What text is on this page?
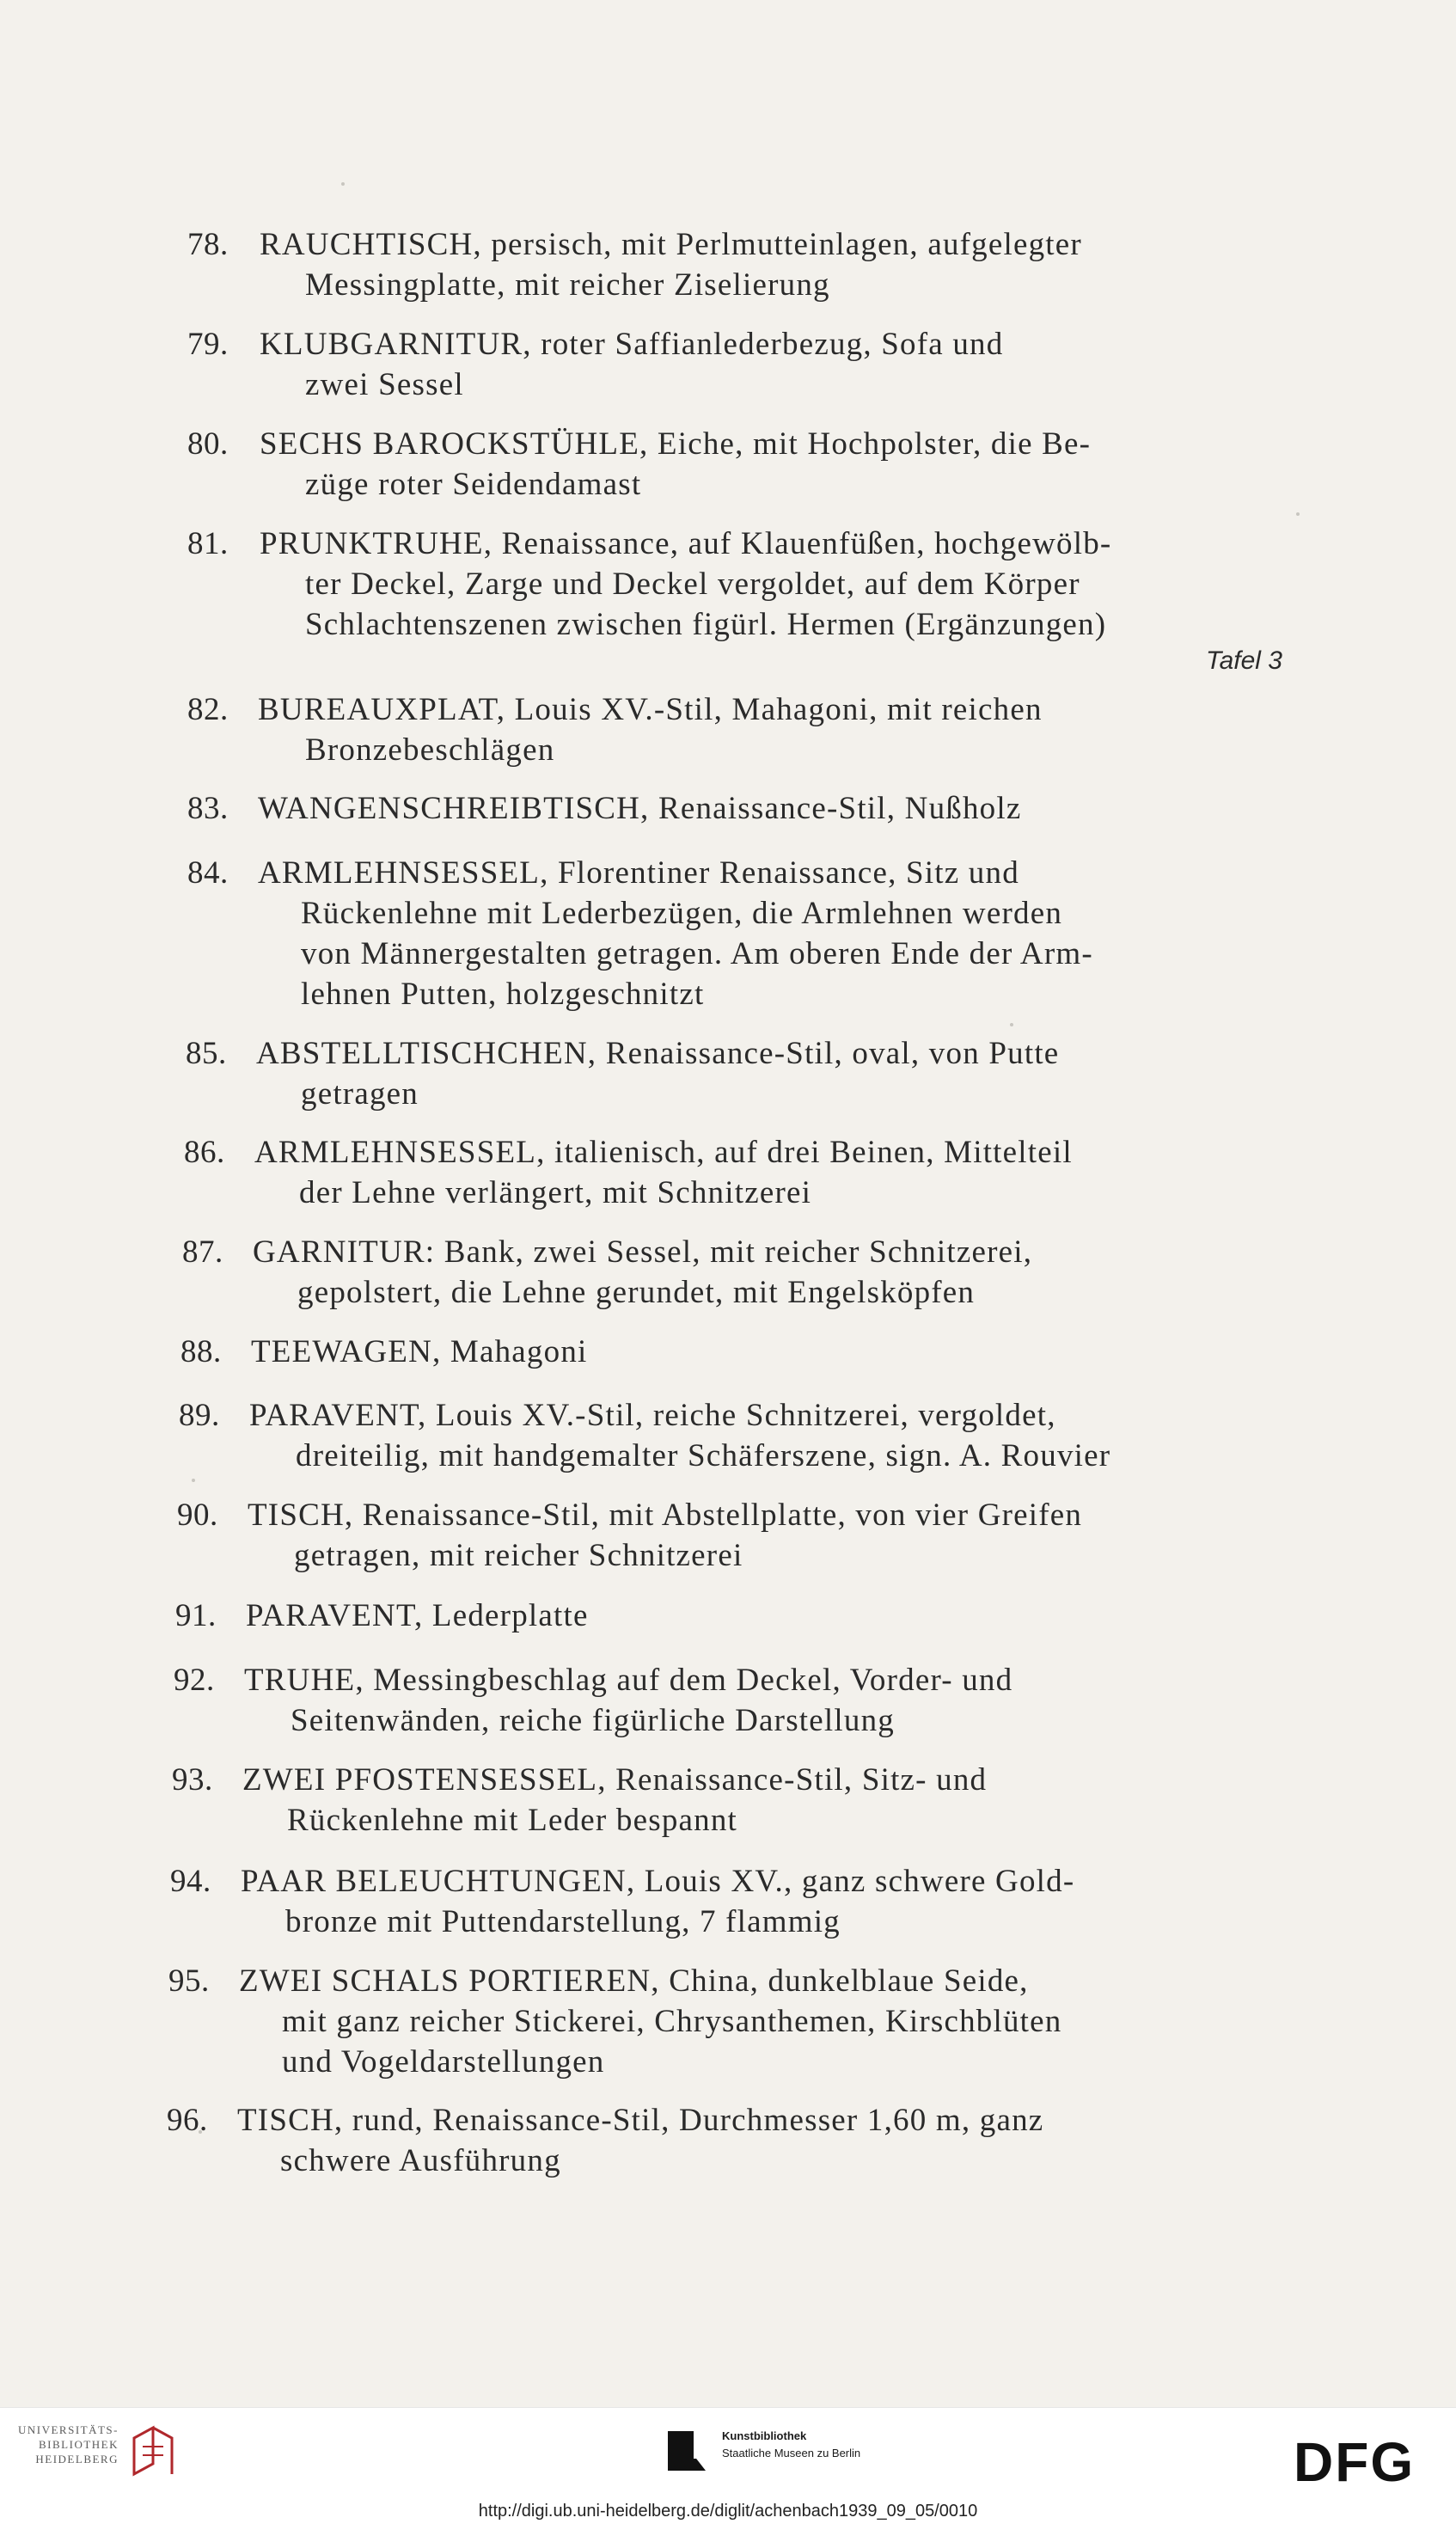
78. RAUCHTISCH, persisch, mit Perlmutteinlagen, aufgelegter
Messingplatte, mit reicher Ziselierung
79. KLUBGARNITUR, roter Saffianlederbezug, Sofa und
zwei Sessel
80. SECHS BAROCKSTÜHLE, Eiche, mit Hochpolster, die Be-
züge roter Seidendamast
81. PRUNKTRUHE, Renaissance, auf Klauenfüßen, hochgewölb-
ter Deckel, Zarge und Deckel vergoldet, auf dem Körper
Schlachtenszenen zwischen figürl. Hermen (Ergänzungen)
Tafel 3
82. BUREAUXPLAT, Louis XV.-Stil, Mahagoni, mit reichen
Bronzebeschlägen
83. WANGENSCHREIBTISCH, Renaissance-Stil, Nußholz
84. ARMLEHNSESSEL, Florentiner Renaissance, Sitz und
Rückenlehne mit Lederbezügen, die Armlehnen werden
von Männergestalten getragen. Am oberen Ende der Arm-
lehnen Putten, holzgeschnitzt
85. ABSTELLTISCHCHEN, Renaissance-Stil, oval, von Putte
getragen
86. ARMLEHNSESSEL, italienisch, auf drei Beinen, Mittelteil
der Lehne verlängert, mit Schnitzerei
87. GARNITUR: Bank, zwei Sessel, mit reicher Schnitzerei,
gepolstert, die Lehne gerundet, mit Engelsköpfen
88. TEEWAGEN, Mahagoni
89. PARAVENT, Louis XV.-Stil, reiche Schnitzerei, vergoldet,
dreiteilig, mit handgemalter Schäferszene, sign. A. Rouvier
90. TISCH, Renaissance-Stil, mit Abstellplatte, von vier Greifen
getragen, mit reicher Schnitzerei
91. PARAVENT, Lederplatte
92. TRUHE, Messingbeschlag auf dem Deckel, Vorder- und
Seitenwänden, reiche figürliche Darstellung
93. ZWEI PFOSTENSESSEL, Renaissance-Stil, Sitz- und
Rückenlehne mit Leder bespannt
94. PAAR BELEUCHTUNGEN, Louis XV., ganz schwere Gold-
bronze mit Puttendarstellung, 7 flammig
95. ZWEI SCHALS PORTIEREN, China, dunkelblaue Seide,
mit ganz reicher Stickerei, Chrysanthemen, Kirschblüten
und Vogeldarstellungen
96. TISCH, rund, Renaissance-Stil, Durchmesser 1,60 m, ganz
schwere Ausführung
UNIVERSITÄTS-
BIBLIOTHEK
HEIDELBERG
Kunstbibliothek
Staatliche Museen zu Berlin	DFG
http://digi.ub.uni-heidelberg.de/diglit/achenbach1939_09_05/0010
